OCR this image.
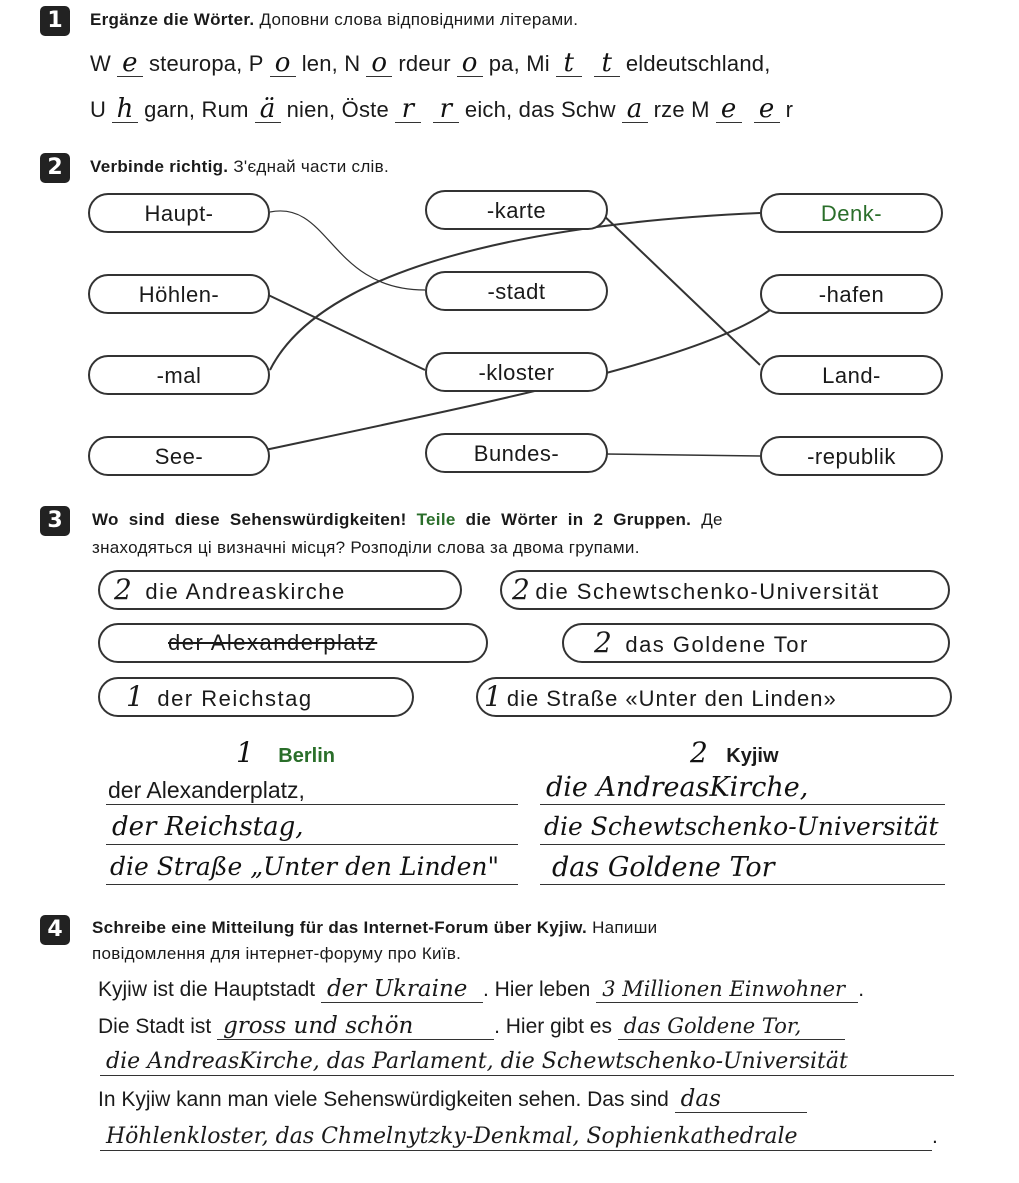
1	Ergänze die Wörter. Доповни слова відповідними літерами.
W e steuropa, P o len, N o rdeur o pa, Mi t t eldeutschland,
U h garn, Rum ä nien, Öste r r eich, das Schw a rze M e e r
2	Verbinde richtig. З'єднай части слів.
Haupt-
Höhlen-
-mal
See-
-karte
-stadt
-kloster
Bundes-
Denk-
-hafen
Land-
-republik
3	Wo sind diese Sehenswürdigkeiten! Teile die Wörter in 2 Gruppen. Де
знаходяться ці визначні місця? Розподіли слова за двома групами.
2 die Andreaskirche	2 die Schewtschenko-Universität
der Alexanderplatz	2 das Goldene Tor
1 der Reichstag	1 die Straße «Unter den Linden»
1 Berlin	2 Kyjiw
der Alexanderplatz,
der Reichstag,
die Straße „Unter den Linden"
die AndreasKirche,
die Schewtschenko-Universität
das Goldene Tor
4	Schreibe eine Mitteilung für das Internet-Forum über Kyjiw. Напиши
повідомлення для інтернет-форуму про Київ.
Kyjiw ist die Hauptstadt der Ukraine . Hier leben 3 Millionen Einwohner .
Die Stadt ist gross und schön	. Hier gibt es das Goldene Tor,
die AndreasKirche, das Parlament, die Schewtschenko-Universität
In Kyjiw kann man viele Sehenswürdigkeiten sehen. Das sind das
Höhlenkloster, das Chmelnytzky-Denkmal, Sophienkathedrale	.
